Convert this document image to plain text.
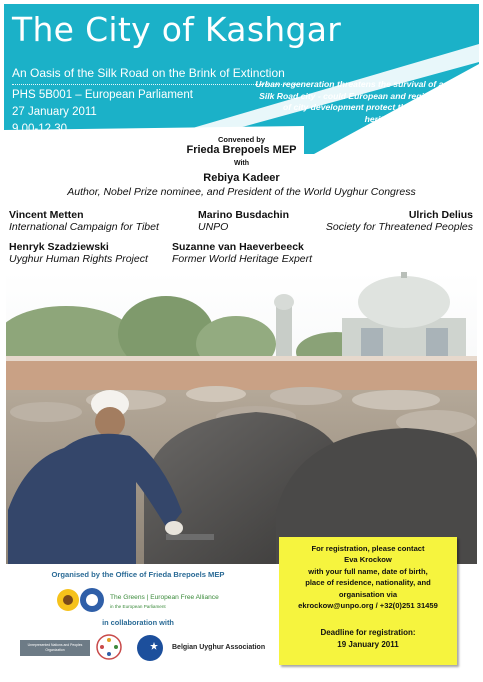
The City of Kashgar
An Oasis of the Silk Road on the Brink of Extinction
PHS 5B001 – European Parliament
27 January 2011
9.00-12.30
Urban regeneration threatens the survival of a unique Silk Road city - could European and regional models of city development protect this site of cultural heritage from destruction?
Convened by
Frieda Brepoels MEP
With
Rebiya Kadeer
Author, Nobel Prize nominee, and President of the World Uyghur Congress
Vincent Metten
International Campaign for Tibet
Marino Busdachin
UNPO
Ulrich Delius
Society for Threatened Peoples
Henryk Szadziewski
Uyghur Human Rights Project
Suzanne van Haeverbeeck
Former World Heritage Expert
For registration, please contact
Eva Krockow
with your full name, date of birth,
place of residence, nationality, and
organisation via
ekrockow@unpo.org / +32(0)251 31459
Deadline for registration:
19 January 2011
Organised by the Office of Frieda Brepoels MEP
The Greens | European Free Alliance
in the European Parliament
in collaboration with
Unrepresented Nations and Peoples Organization	Belgian Uyghur Association
